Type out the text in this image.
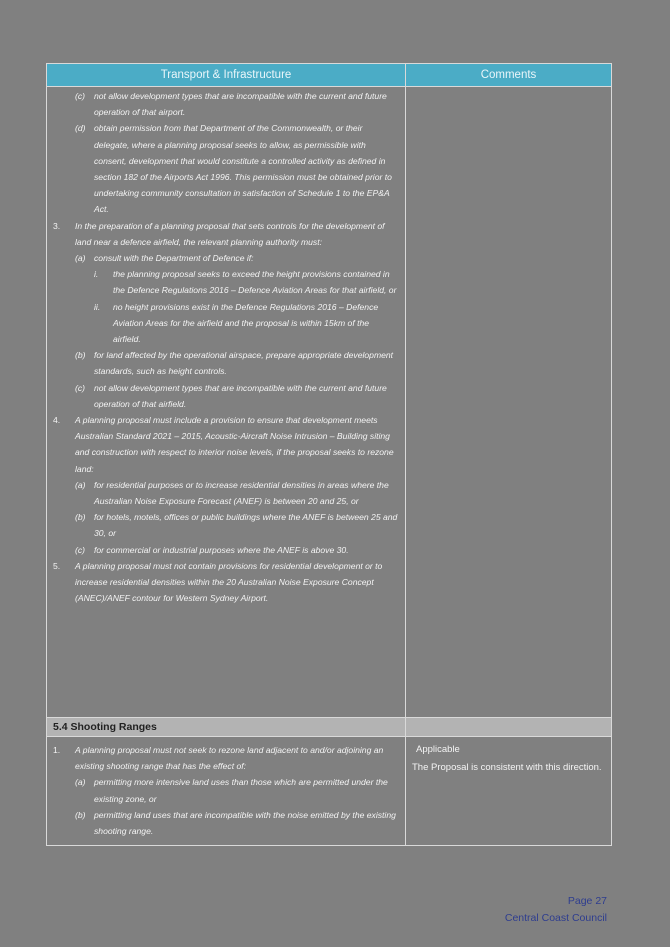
Transport & Infrastructure	Comments
(c)	not allow development types that are incompatible with the current and future operation of that airport.
(d) obtain permission from that Department of the Commonwealth, or their delegate, where a planning proposal seeks to allow, as permissible with consent, development that would constitute a controlled activity as defined in section 182 of the Airports Act 1996. This permission must be obtained prior to undertaking community consultation in satisfaction of Schedule 1 to the EP&A Act.
3.	In the preparation of a planning proposal that sets controls for the development of land near a defence airfield, the relevant planning authority must:
(a) consult with the Department of Defence if:
i.	the planning proposal seeks to exceed the height provisions contained in the Defence Regulations 2016 – Defence Aviation Areas for that airfield, or
ii.	no height provisions exist in the Defence Regulations 2016 – Defence Aviation Areas for the airfield and the proposal is within 15km of the airfield.
(b) for land affected by the operational airspace, prepare appropriate development standards, such as height controls.
(c)	not allow development types that are incompatible with the current and future operation of that airfield.
4.	A planning proposal must include a provision to ensure that development meets Australian Standard 2021 – 2015, Acoustic-Aircraft Noise Intrusion – Building siting and construction with respect to interior noise levels, if the proposal seeks to rezone land:
(a) for residential purposes or to increase residential densities in areas where the Australian Noise Exposure Forecast (ANEF) is between 20 and 25, or
(b) for hotels, motels, offices or public buildings where the ANEF is between 25 and 30, or
(c)	for commercial or industrial purposes where the ANEF is above 30.
5.	A planning proposal must not contain provisions for residential development or to increase residential densities within the 20 Australian Noise Exposure Concept (ANEC)/ANEF contour for Western Sydney Airport.
5.4 Shooting Ranges
1.	A planning proposal must not seek to rezone land adjacent to and/or adjoining an existing shooting range that has the effect of:
(a) permitting more intensive land uses than those which are permitted under the existing zone, or
(b) permitting land uses that are incompatible with the noise emitted by the existing shooting range.
Applicable
The Proposal is consistent with this direction.
Page 27
Central Coast Council
